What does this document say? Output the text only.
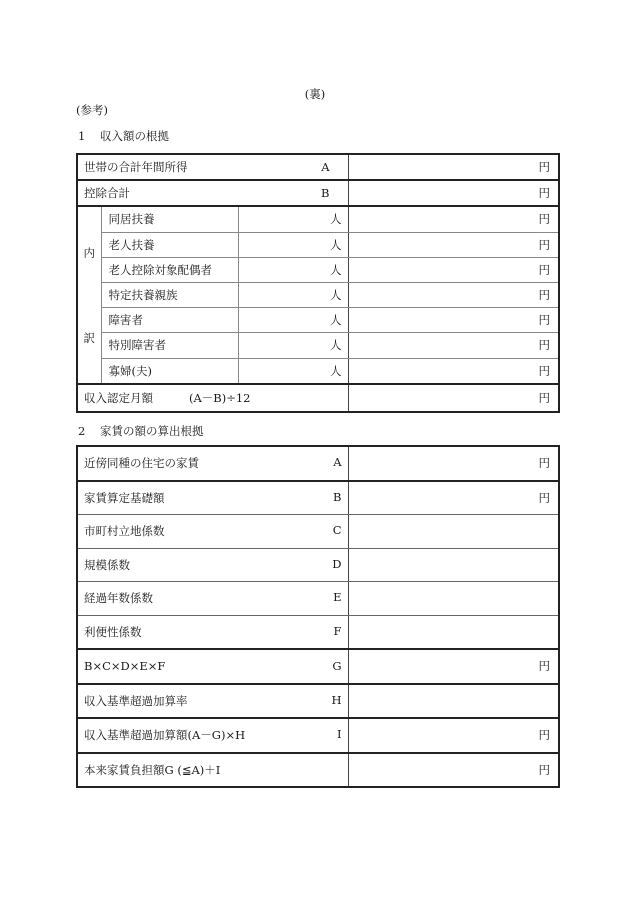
(裏)
(参考)
1 収入額の根拠
世帯の合計年間所得		A	円
控除合計		B	円

内
訳	同居扶養	人	円
	老人扶養	人	円
	老人控除対象配偶者	人	円
	特定扶養親族	人	円
	障害者	人	円
	特別障害者	人	円
	寡婦(夫)	人	円
収入認定月額 (A－B)÷12			円
2 家賃の額の算出根拠
近傍同種の住宅の家賃 A	円

家賃算定基礎額 B	円

市町村立地係数 C	

規模係数 D	

経過年数係数 E	

利便性係数 F	

B×C×D×E×F G	円

収入基準超過加算率 H	

収入基準超過加算額(A－G)×H I	円

本来家賃負担額G (≦A)＋I	円
